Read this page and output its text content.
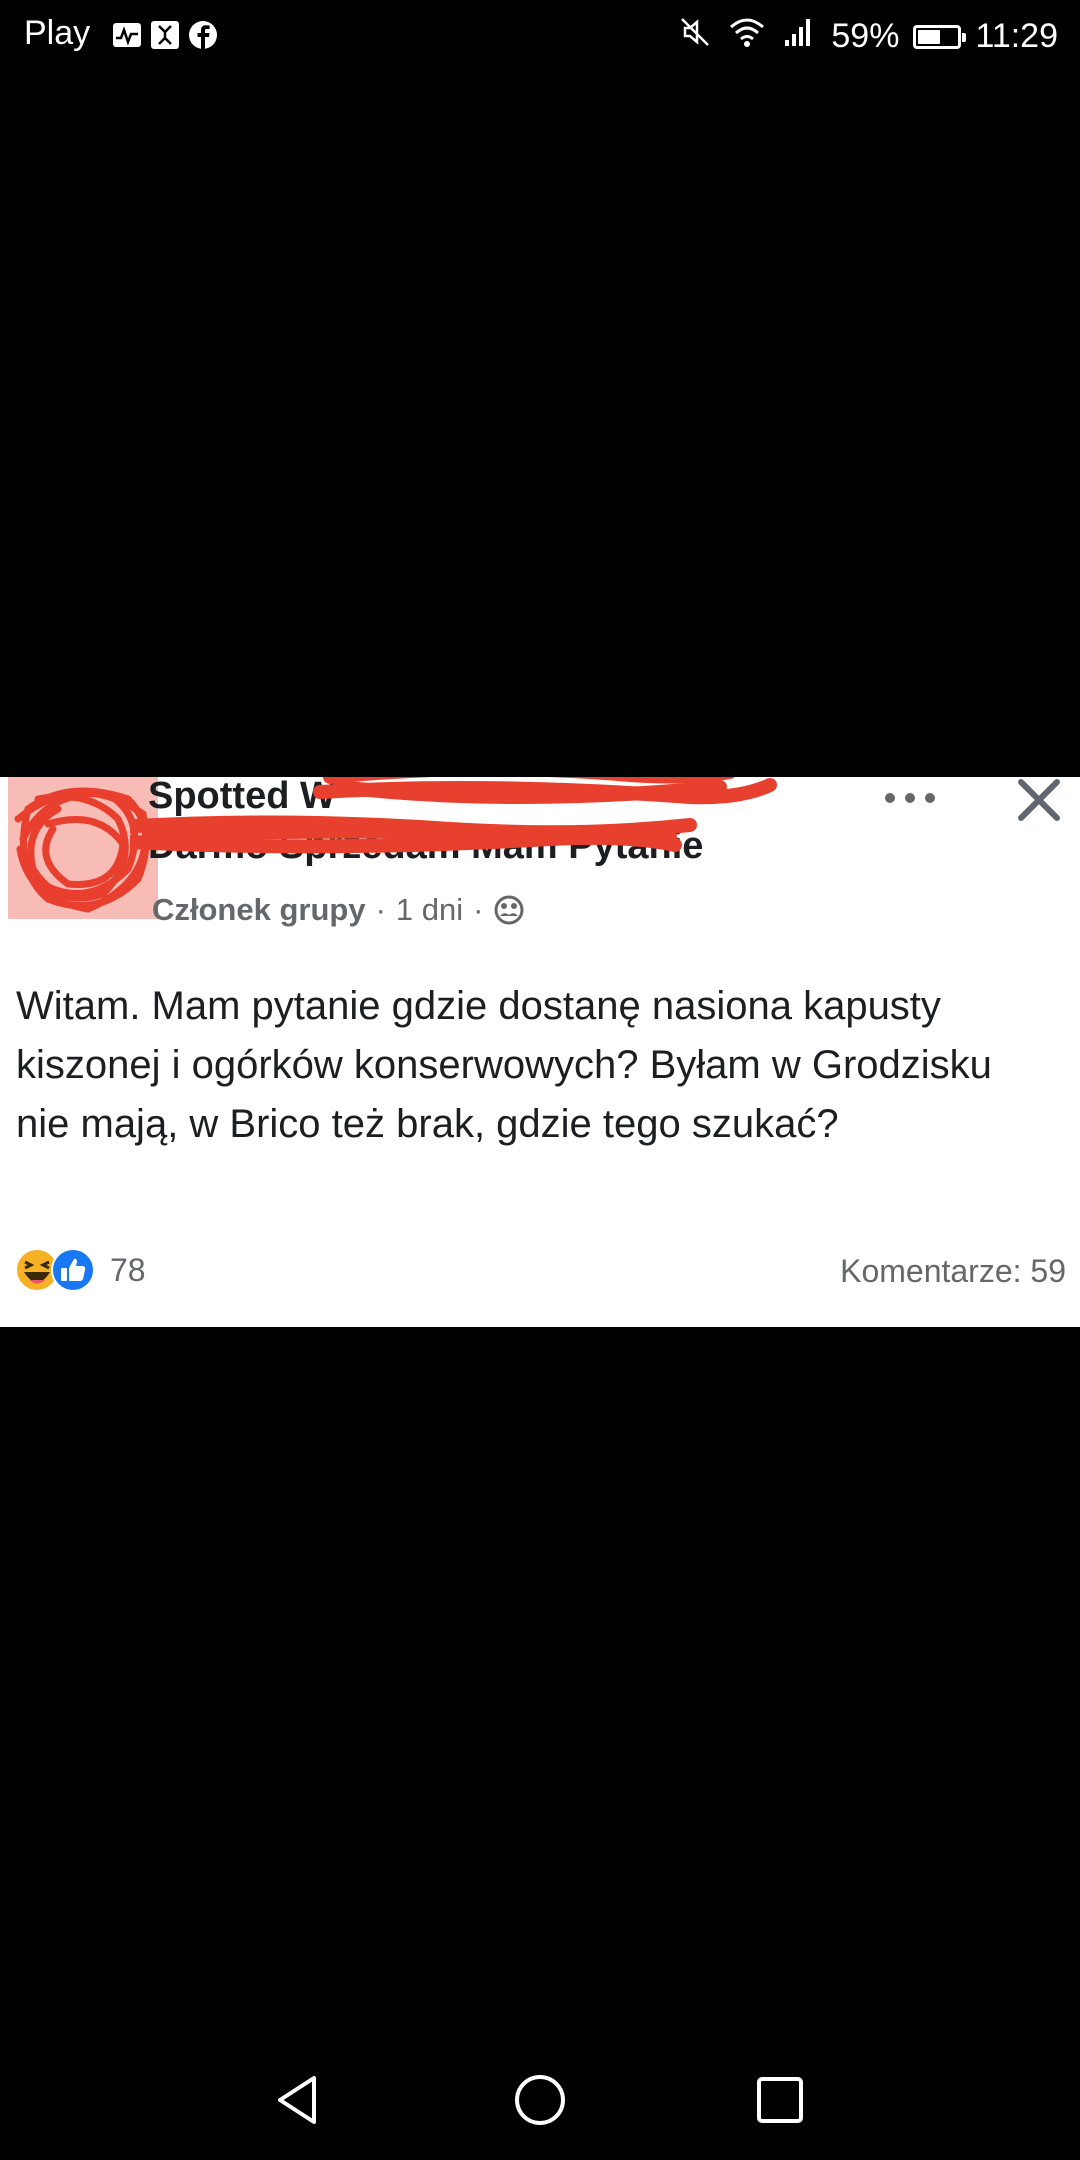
Play	59% 11:29
Spotted W
Darmo Sprzedam Mam Pytanie
Członek grupy · 1 dni ·
Witam. Mam pytanie gdzie dostanę nasiona kapusty kiszonej i ogórków konserwowych? Byłam w Grodzisku nie mają, w Brico też brak, gdzie tego szukać?
78	Komentarze: 59
